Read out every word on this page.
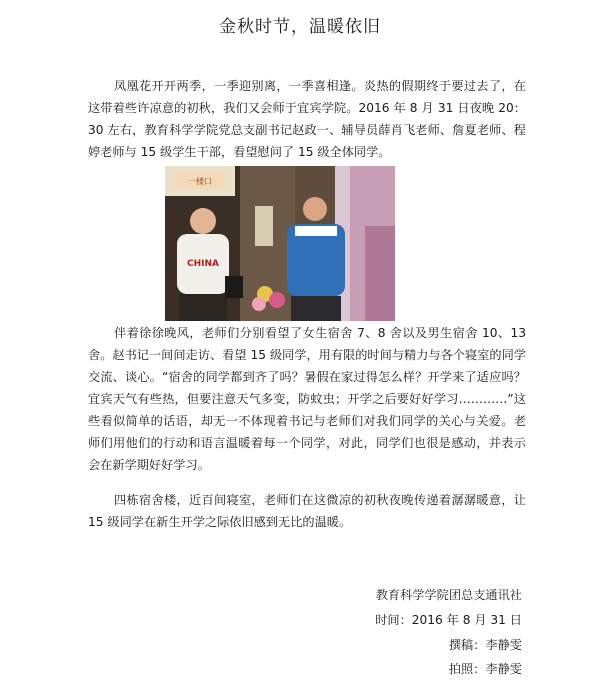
金秋时节，温暖依旧

凤凰花开开两季，一季迎别离，一季喜相逢。炎热的假期终于要过去了，在这带着些许凉意的初秋，我们又会师于宜宾学院。2016 年 8 月 31 日夜晚 20：30 左右，教育科学学院党总支副书记赵政一、辅导员薛肖飞老师、詹夏老师、程婷老师与 15 级学生干部，看望慰问了 15 级全体同学。

一楼口
CHINA

伴着徐徐晚风，老师们分别看望了女生宿舍 7、8 舍以及男生宿舍 10、13 舍。赵书记一间间走访、看望 15 级同学，用有限的时间与精力与各个寝室的同学交流、谈心。“宿舍的同学都到齐了吗？暑假在家过得怎么样？开学来了适应吗？宜宾天气有些热，但要注意天气多变，防蚊虫；开学之后要好好学习…………”这些看似简单的话语，却无一不体现着书记与老师们对我们同学的关心与关爱。老师们用他们的行动和语言温暖着每一个同学，对此，同学们也很是感动，并表示会在新学期好好学习。

四栋宿舍楼，近百间寝室，老师们在这微凉的初秋夜晚传递着潺潺暖意，让 15 级同学在新生开学之际依旧感到无比的温暖。

教育科学学院团总支通讯社
时间：2016 年 8 月 31 日
撰稿：李静雯
拍照：李静雯
